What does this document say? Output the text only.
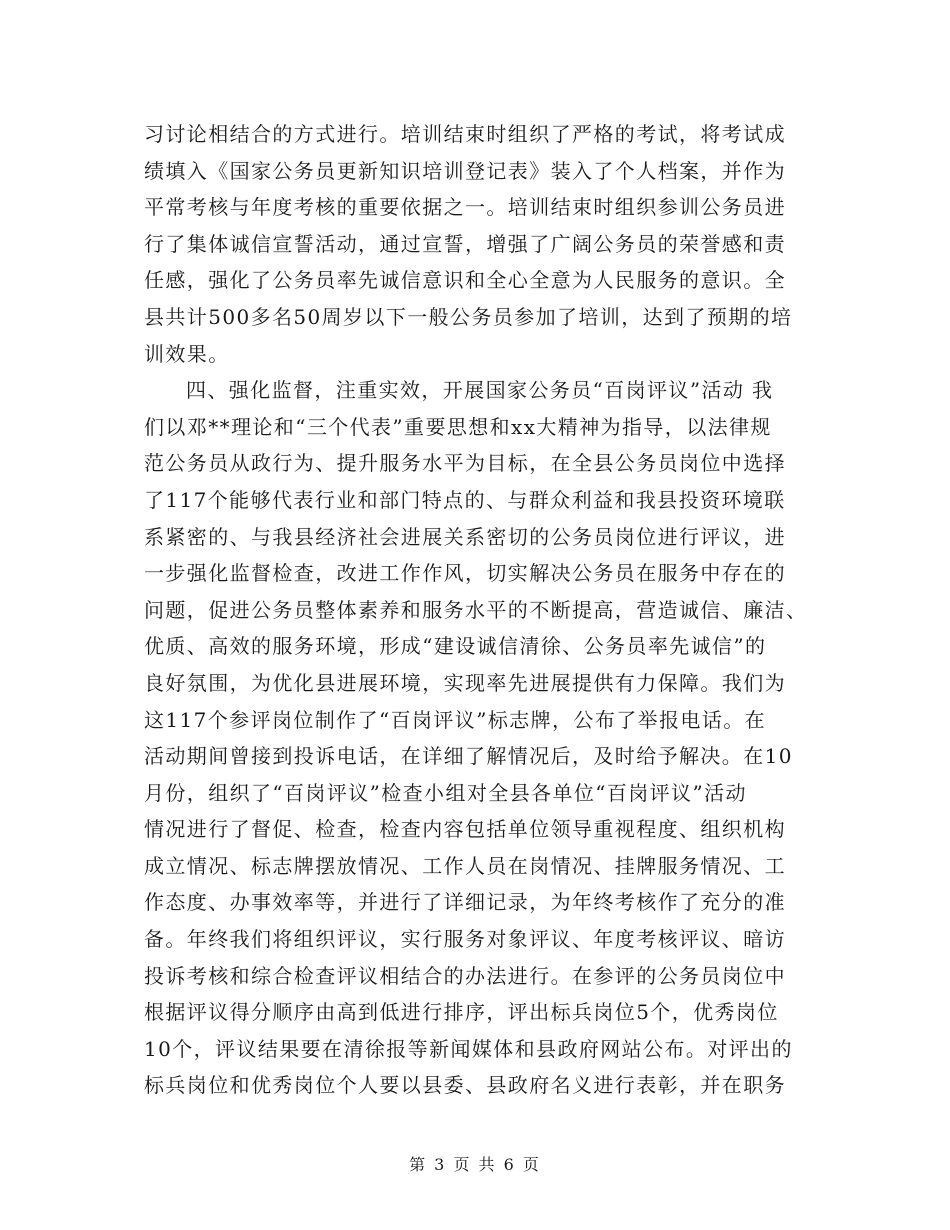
习讨论相结合的方式进行。培训结束时组织了严格的考试，将考试成
绩填入《国家公务员更新知识培训登记表》装入了个人档案，并作为
平常考核与年度考核的重要依据之一。培训结束时组织参训公务员进
行了集体诚信宣誓活动，通过宣誓，增强了广阔公务员的荣誉感和责
任感，强化了公务员率先诚信意识和全心全意为人民服务的意识。全
县共计500多名50周岁以下一般公务员参加了培训，达到了预期的培
训效果。
四、强化监督，注重实效，开展国家公务员“百岗评议”活动 我
们以邓**理论和“三个代表”重要思想和xx大精神为指导，以法律规
范公务员从政行为、提升服务水平为目标，在全县公务员岗位中选择
了117个能够代表行业和部门特点的、与群众利益和我县投资环境联
系紧密的、与我县经济社会进展关系密切的公务员岗位进行评议，进
一步强化监督检查，改进工作作风，切实解决公务员在服务中存在的
问题，促进公务员整体素养和服务水平的不断提高，营造诚信、廉洁、
优质、高效的服务环境，形成“建设诚信清徐、公务员率先诚信”的
良好氛围，为优化县进展环境，实现率先进展提供有力保障。我们为
这117个参评岗位制作了“百岗评议”标志牌，公布了举报电话。在
活动期间曾接到投诉电话，在详细了解情况后，及时给予解决。在10
月份，组织了“百岗评议”检查小组对全县各单位“百岗评议”活动
情况进行了督促、检查，检查内容包括单位领导重视程度、组织机构
成立情况、标志牌摆放情况、工作人员在岗情况、挂牌服务情况、工
作态度、办事效率等，并进行了详细记录，为年终考核作了充分的准
备。年终我们将组织评议，实行服务对象评议、年度考核评议、暗访
投诉考核和综合检查评议相结合的办法进行。在参评的公务员岗位中
根据评议得分顺序由高到低进行排序，评出标兵岗位5个，优秀岗位
10个，评议结果要在清徐报等新闻媒体和县政府网站公布。对评出的
标兵岗位和优秀岗位个人要以县委、县政府名义进行表彰，并在职务
第 3 页 共 6 页
